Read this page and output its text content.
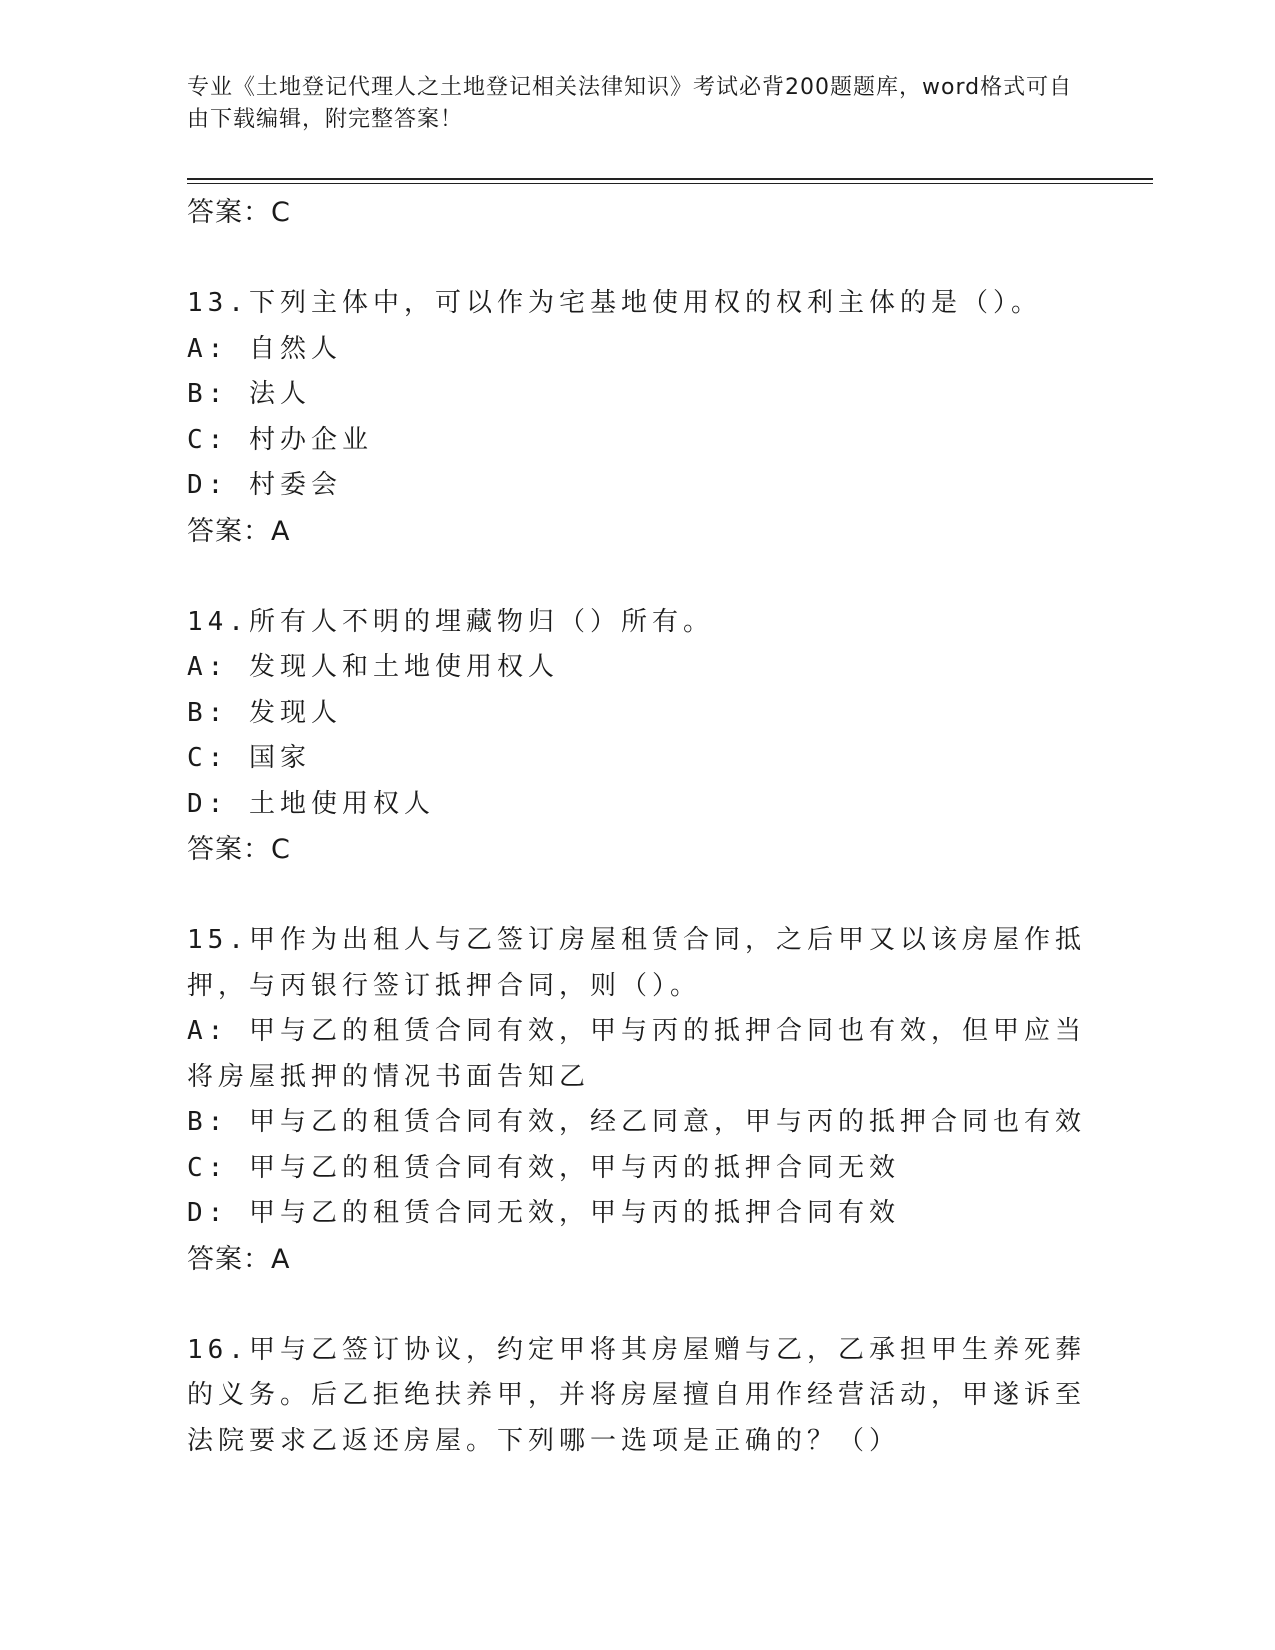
专业《土地登记代理人之土地登记相关法律知识》考试必背200题题库，word格式可自由下载编辑，附完整答案！
答案：C
13.下列主体中，可以作为宅基地使用权的权利主体的是（）。
A: 自然人
B: 法人
C: 村办企业
D: 村委会
答案：A
14.所有人不明的埋藏物归（）所有。
A: 发现人和土地使用权人
B: 发现人
C: 国家
D: 土地使用权人
答案：C
15.甲作为出租人与乙签订房屋租赁合同，之后甲又以该房屋作抵押，与丙银行签订抵押合同，则（）。
A: 甲与乙的租赁合同有效，甲与丙的抵押合同也有效，但甲应当将房屋抵押的情况书面告知乙
B: 甲与乙的租赁合同有效，经乙同意，甲与丙的抵押合同也有效
C: 甲与乙的租赁合同有效，甲与丙的抵押合同无效
D: 甲与乙的租赁合同无效，甲与丙的抵押合同有效
答案：A
16.甲与乙签订协议，约定甲将其房屋赠与乙，乙承担甲生养死葬的义务。后乙拒绝扶养甲，并将房屋擅自用作经营活动，甲遂诉至法院要求乙返还房屋。下列哪一选项是正确的？（）
